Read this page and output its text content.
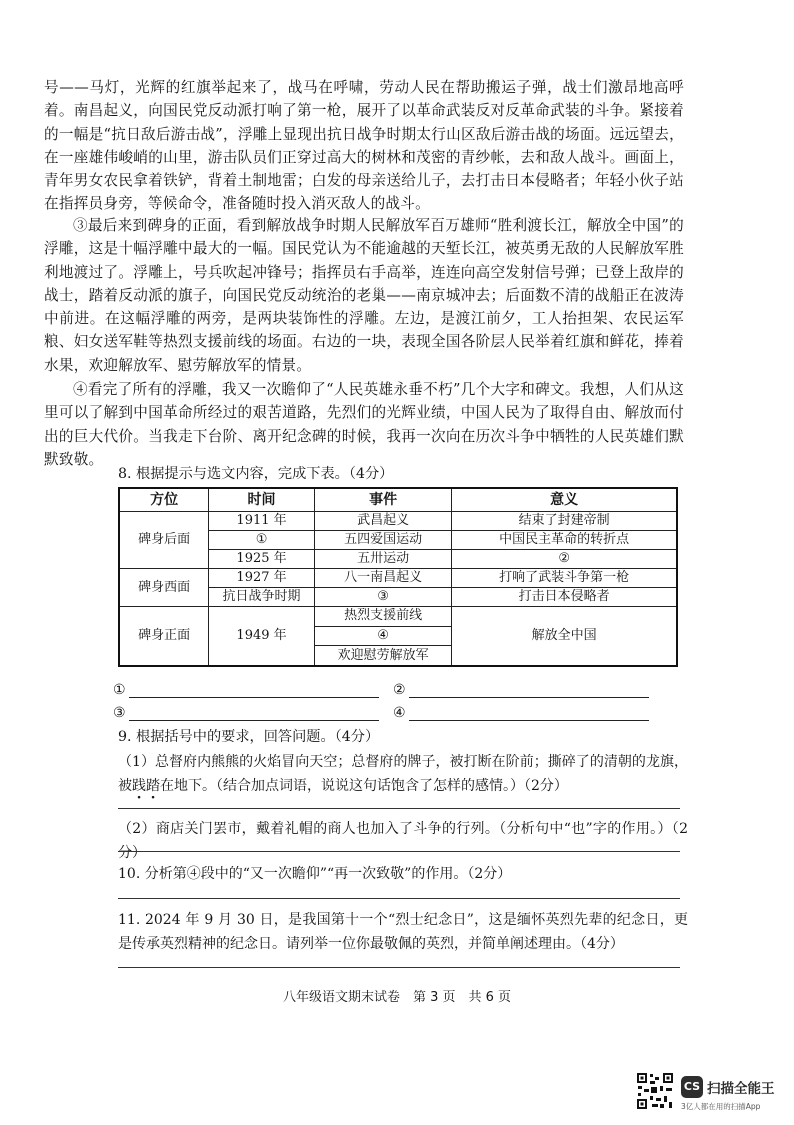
号——马灯，光辉的红旗举起来了，战马在呼啸，劳动人民在帮助搬运子弹，战士们激昂地高呼着。南昌起义，向国民党反动派打响了第一枪，展开了以革命武装反对反革命武装的斗争。紧接着的一幅是“抗日敌后游击战”，浮雕上显现出抗日战争时期太行山区敌后游击战的场面。远远望去，在一座雄伟峻峭的山里，游击队员们正穿过高大的树林和茂密的青纱帐，去和敌人战斗。画面上，青年男女农民拿着铁铲，背着土制地雷；白发的母亲送给儿子，去打击日本侵略者；年轻小伙子站在指挥员身旁，等候命令，准备随时投入消灭敌人的战斗。

③最后来到碑身的正面，看到解放战争时期人民解放军百万雄师“胜利渡长江，解放全中国”的浮雕，这是十幅浮雕中最大的一幅。国民党认为不能逾越的天堑长江，被英勇无敌的人民解放军胜利地渡过了。浮雕上，号兵吹起冲锋号；指挥员右手高举，连连向高空发射信号弹；已登上敌岸的战士，踏着反动派的旗子，向国民党反动统治的老巢——南京城冲去；后面数不清的战船正在波涛中前进。在这幅浮雕的两旁，是两块装饰性的浮雕。左边，是渡江前夕，工人抬担架、农民运军粮、妇女送军鞋等热烈支援前线的场面。右边的一块，表现全国各阶层人民举着红旗和鲜花，捧着水果，欢迎解放军、慰劳解放军的情景。

④看完了所有的浮雕，我又一次瞻仰了“人民英雄永垂不朽”几个大字和碑文。我想，人们从这里可以了解到中国革命所经过的艰苦道路，先烈们的光辉业绩，中国人民为了取得自由、解放而付出的巨大代价。当我走下台阶、离开纪念碑的时候，我再一次向在历次斗争中牺牲的人民英雄们默默致敬。

8. 根据提示与选文内容，完成下表。（4分）

方位	时间	事件	意义
碑身后面	1911 年	武昌起义	结束了封建帝制
	①	五四爱国运动	中国民主革命的转折点
	1925 年	五卅运动	②
碑身西面	1927 年	八一南昌起义	打响了武装斗争第一枪
	抗日战争时期	③	打击日本侵略者
碑身正面	1949 年	热烈支援前线	解放全中国
		④	
		欢迎慰劳解放军	
①	②
③	④

9. 根据括号中的要求，回答问题。（4分）

（1）总督府内熊熊的火焰冒向天空；总督府的牌子，被打断在阶前；撕碎了的清朝的龙旗，被践踏在地下。（结合加点词语，说说这句话饱含了怎样的感情。）（2分）

（2）商店关门罢市，戴着礼帽的商人也加入了斗争的行列。（分析句中“也”字的作用。）（2分）

10. 分析第④段中的“又一次瞻仰”“再一次致敬”的作用。（2分）

11. 2024 年 9 月 30 日，是我国第十一个“烈士纪念日”，这是缅怀英烈先辈的纪念日，更是传承英烈精神的纪念日。请列举一位你最敬佩的英烈，并简单阐述理由。（4分）

八年级语文期末试卷　第 3 页　共 6 页
CS 扫描全能王
3亿人都在用的扫描App
